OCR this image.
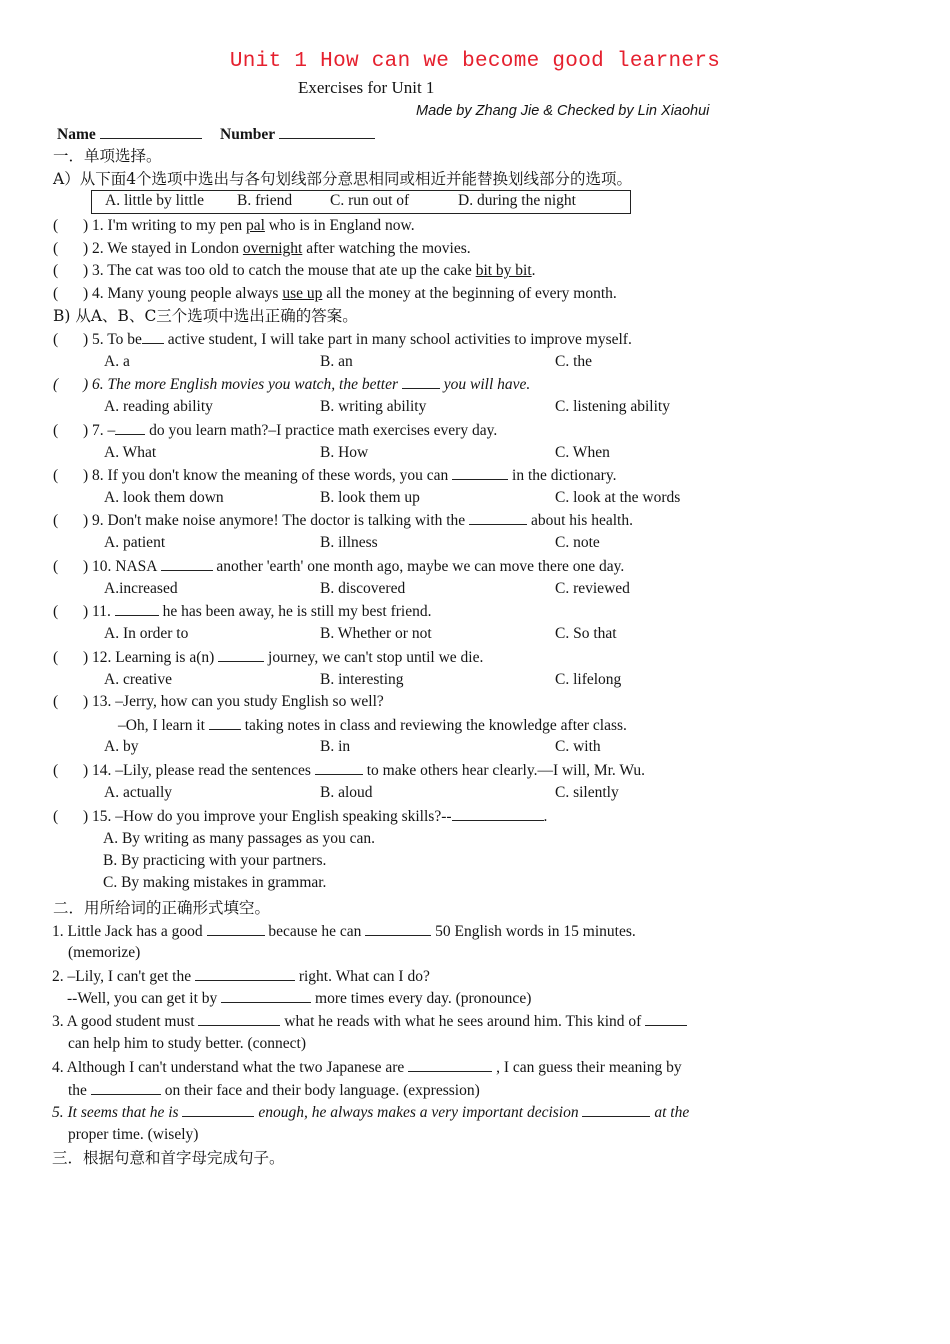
Unit 1 How can we become good learners
Exercises for Unit 1
Made by Zhang Jie & Checked by Lin Xiaohui
Name	Number
一．单项选择。
A）从下面4个选项中选出与各句划线部分意思相同或相近并能替换划线部分的选项。
A. little by little B. friend C. run out of	D. during the night
( ) 1. I'm writing to my pen pal who is in England now.
( ) 2. We stayed in London overnight after watching the movies.
( ) 3. The cat was too old to catch the mouse that ate up the cake bit by bit.
( ) 4. Many young people always use up all the money at the beginning of every month.
B) 从A、B、C三个选项中选出正确的答案。
( ) 5. To be active student, I will take part in many school activities to improve myself.
A. a	B. an	C. the
( ) 6. The more English movies you watch, the better  you will have.
A. reading ability	B. writing ability	C. listening ability
( ) 7. – do you learn math?–I practice math exercises every day.
A. What	B. How	C. When
( ) 8. If you don't know the meaning of these words, you can	in the dictionary.
A. look them down	B. look them up	C. look at the words
( ) 9. Don't make noise anymore! The doctor is talking with the	about his health.
A. patient	B. illness	C. note
( ) 10. NASA	another 'earth' one month ago, maybe we can move there one day.
A.increased	B. discovered	C. reviewed
( ) 11.	he has been away, he is still my best friend.
A. In order to	B. Whether or not	C. So that
( ) 12. Learning is a(n)	journey, we can't stop until we die.
A. creative	B. interesting	C. lifelong
( ) 13. –Jerry, how can you study English so well?
–Oh, I learn it  taking notes in class and reviewing the knowledge after class.
A. by	B. in	C. with
( ) 14. –Lily, please read the sentences	to make others hear clearly.—I will, Mr. Wu.
A. actually	B. aloud	C. silently
( ) 15. –How do you improve your English speaking skills?--	.
A. By writing as many passages as you can.
B. By practicing with your partners.
C. By making mistakes in grammar.
二．用所给词的正确形式填空。
1. Little Jack has a good	because he can	50 English words in 15 minutes.
(memorize)
2. –Lily, I can't get the	right. What can I do?
--Well, you can get it by	more times every day. (pronounce)
3. A good student must	what he reads with what he sees around him. This kind of
can help him to study better. (connect)
4. Although I can't understand what the two Japanese are	, I can guess their meaning by
the	on their face and their body language. (expression)
5. It seems that he is	enough, he always makes a very important decision	at the
proper time. (wisely)
三．根据句意和首字母完成句子。
